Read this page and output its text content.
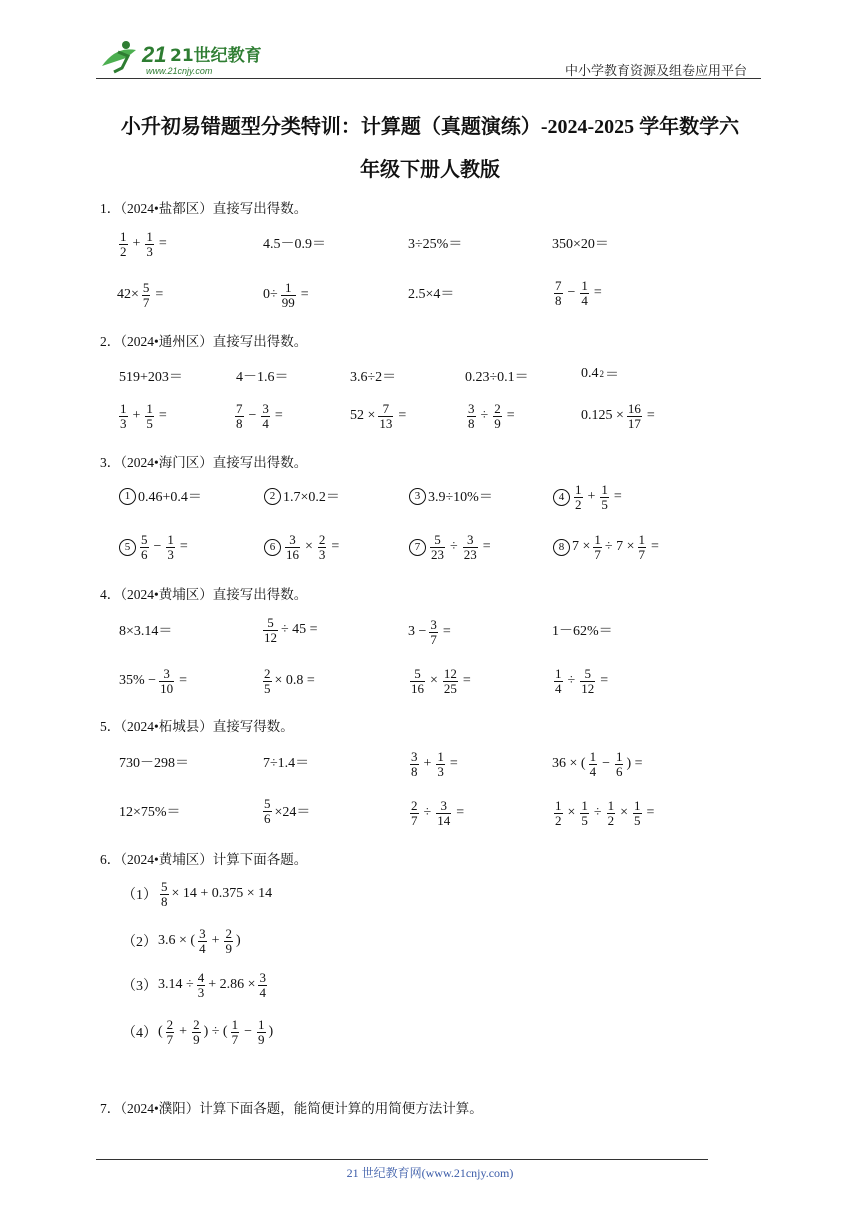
21 21世纪教育
www.21cnjy.com	中小学教育资源及组卷应用平台
小升初易错题型分类特训：计算题（真题演练）-2024-2025 学年数学六
年级下册人教版
1．（2024•盐都区）直接写出得数。
$\frac{1}{2} + \frac{1}{3}$ =	4.5－0.9＝	3÷25%＝	350×20＝
$42\times \frac{5}{7}$ =	$0\div \frac{1}{99}$ =	2.5×4＝	$\frac{7}{8} - \frac{1}{4}$ =
2．（2024•通州区）直接写出得数。
519+203＝	4－1.6＝	3.6÷2＝	0.23÷0.1＝	0.4 2 ＝
$\frac{1}{3} + \frac{1}{5}$ =	$\frac{7}{8} - \frac{3}{4}$ =	$52 \times \frac{7}{13}$ =	$\frac{3}{8} \div \frac{2}{9}$ =	$0.125 \times \frac{16}{17}$ =
3．（2024•海门区）直接写出得数。
1 0.46+0.4＝	2 1.7×0.2＝	3 3.9÷10%＝	$4 \frac{1}{2} + \frac{1}{5}$ =
$5 \frac{5}{6} - \frac{1}{3}$ =	$6 \frac{3}{16} \times \frac{2}{3}$ =	$7 \frac{5}{23} \div \frac{3}{23}$ =	8 $7 \times \frac{1}{7} \div 7 \times \frac{1}{7}$ =
4．（2024•黄埔区）直接写出得数。
8×3.14＝	$\frac{5}{12} \div 45$ =	$3 - \frac{3}{7}$ =	1－62%＝
$35\% - \frac{3}{10}$ =	$\frac{2}{5} \times 0.8$ =	$\frac{5}{16} \times \frac{12}{25}$ =	$\frac{1}{4} \div \frac{5}{12}$ =
5．（2024•柘城县）直接写得数。
730－298＝	7÷1.4＝	$\frac{3}{8} + \frac{1}{3}$ =	36 × ( $\frac{1}{4} - \frac{1}{6}$ ) =
12×75%＝	$\frac{5}{6} \times 24=$	$\frac{2}{7} \div \frac{3}{14}$ =	$\frac{1}{2} \times \frac{1}{5} \div \frac{1}{2} \times \frac{1}{5}$ =
6．（2024•黄埔区）计算下面各题。
$(1) \frac{5}{8} \times 14 + 0.375 \times 14$
（2） 3.6 × ( $\frac{3}{4} + \frac{2}{9}$ )
（3） $3.14 \div \frac{4}{3} + 2.86 \times \frac{3}{4}$
（4） ( $\frac{2}{7} + \frac{2}{9}$ ) ÷ ( $\frac{1}{7} - \frac{1}{9}$ )
7．（2024•濮阳）计算下面各题，能简便计算的用简便方法计算。
21 世纪教育网(www.21cnjy.com)
